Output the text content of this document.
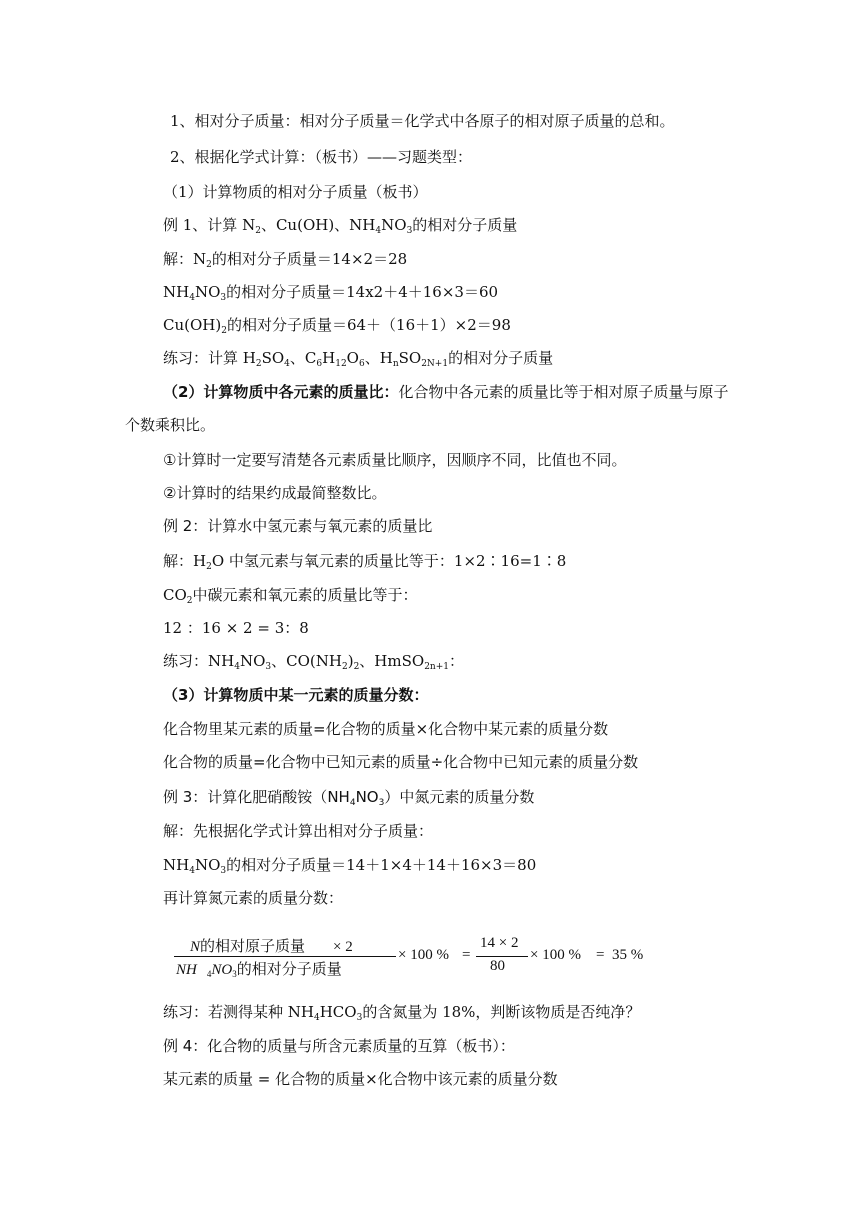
1、相对分子质量：相对分子质量＝化学式中各原子的相对原子质量的总和。
2、根据化学式计算：（板书）——习题类型：
（1）计算物质的相对分子质量（板书）
例 1、计算 $N_2$、Cu(OH)、$NH_4NO_3$的相对分子质量
解：$N_2$的相对分子质量＝14×2＝28
$NH_4NO_3$的相对分子质量＝14x2＋4＋16×3＝60
$Cu(OH)_2$的相对分子质量＝64＋（16＋1）×2＝98
练习：计算 $H_2SO_4$、$C_6H_{12}O_6$、$H_nSO_{2N+1}$的相对分子质量
（2）计算物质中各元素的质量比：化合物中各元素的质量比等于相对原子质量与原子
个数乘积比。
①计算时一定要写清楚各元素质量比顺序，因顺序不同，比值也不同。
②计算时的结果约成最简整数比。
例 2：计算水中氢元素与氧元素的质量比
解：$H_2O$ 中氢元素与氧元素的质量比等于：1×2∶16=1∶8
$CO_2$中碳元素和氧元素的质量比等于：
12 ：16 × 2 = 3：8
练习：$NH_4NO_3$、$CO(NH_2)_2$、HmSO$_{2n+1}$：
（3）计算物质中某一元素的质量分数：
化合物里某元素的质量=化合物的质量×化合物中某元素的质量分数
化合物的质量=化合物中已知元素的质量÷化合物中已知元素的质量分数
例 3：计算化肥硝酸铵$(NH_4NO_3)$中氮元素的质量分数
解：先根据化学式计算出相对分子质量：
$NH_4NO_3$的相对分子质量＝14＋1×4＋14＋16×3＝80
再计算氮元素的质量分数：
N的相对原子质量 × 2
NH $_4NO_3$的相对分子质量
× 100 % =
14 × 2
80
× 100 % = 35 %
练习：若测得某种 $NH_4HCO_3$的含氮量为 18%，判断该物质是否纯净？
例 4：化合物的质量与所含元素质量的互算（板书）：
某元素的质量 = 化合物的质量×化合物中该元素的质量分数
